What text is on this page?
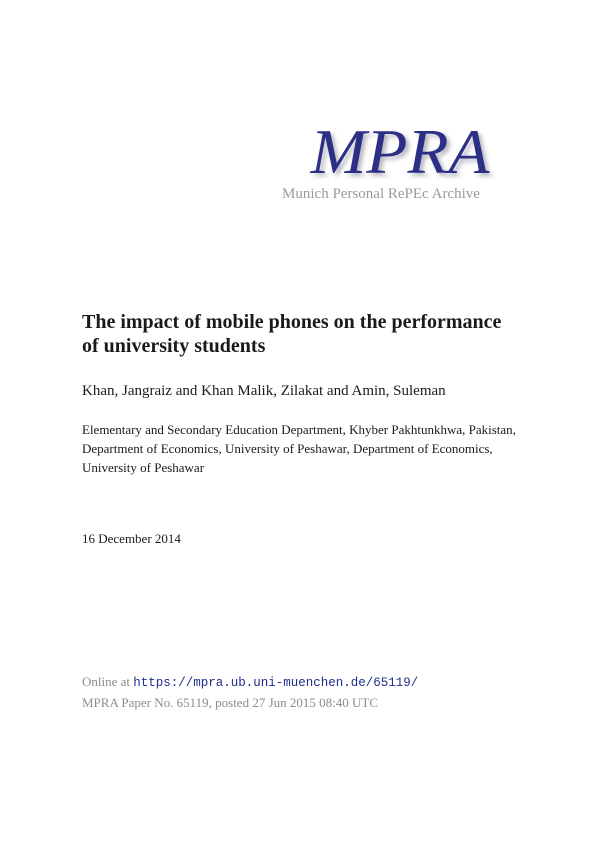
MPRA
Munich Personal RePEc Archive
The impact of mobile phones on the performance of university students
Khan, Jangraiz and Khan Malik, Zilakat and Amin, Suleman
Elementary and Secondary Education Department, Khyber Pakhtunkhwa, Pakistan, Department of Economics, University of Peshawar, Department of Economics, University of Peshawar
16 December 2014
Online at https://mpra.ub.uni-muenchen.de/65119/
MPRA Paper No. 65119, posted 27 Jun 2015 08:40 UTC
